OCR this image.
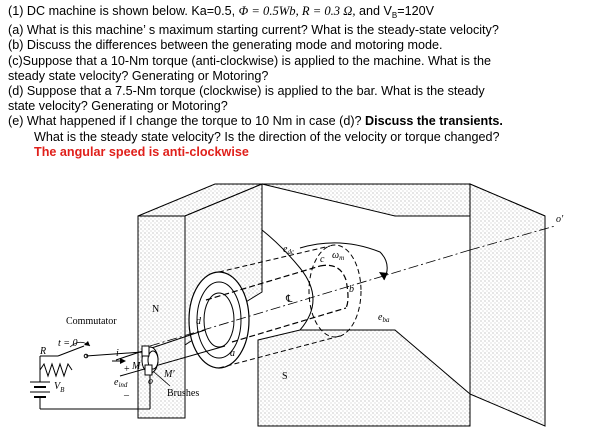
(1) DC machine is shown below. Ka=0.5, Φ = 0.5Wb, R = 0.3 Ω, and $V_B=120V$
(a) What is this machine’ s maximum starting current? What is the steady-state velocity?
(b) Discuss the differences between the generating mode and motoring mode.
(c)Suppose that a 10-Nm torque (anti-clockwise) is applied to the machine. What is the
steady state velocity? Generating or Motoring?
(d) Suppose that a 7.5-Nm torque (clockwise) is applied to the bar. What is the steady
state velocity? Generating or Motoring?
(e) What happened if I change the torque to 10 Nm in case (d)? Discuss the transients.
What is the steady state velocity? Is the direction of the velocity or torque changed?
The angular speed is anti-clockwise
Commutator
Brushes
N
S
t = 0
R
$V_B$
i
+
–
M
M′
$e_{ind}$ o
o′
a
b
c
d
$e_{dc}$
$e_{ba}$
$\omega_m$
℄
